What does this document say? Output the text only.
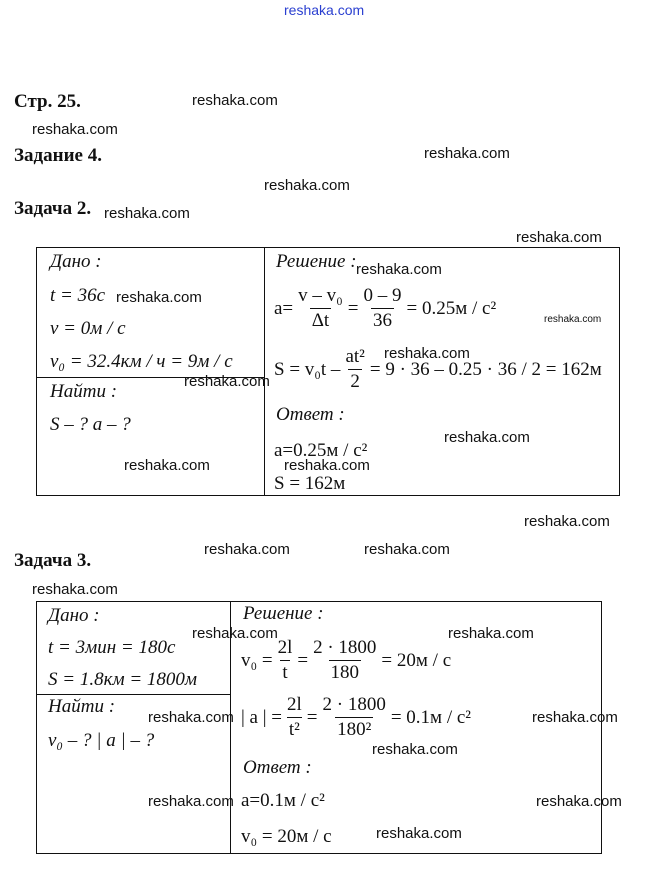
reshaka.com
Стр. 25.
Задание 4.
Задача 2.
Задача 3.
Дано :
t = 36с
v = 0м / с
v₀ = 32.4км / ч = 9м / с
Найти :
S – ? a – ?
Решение :
$a= \frac{\text{v – v₀}}{\Delta t} = \frac{0 - 9}{36} = 0.25м / с^2$
$S = v_0t - \frac{\text{at²}}{2} = 9 \cdot 36 - 0.25 \cdot 36 / 2 = 162м$
Ответ :
a=0.25м / с²
S = 162м
Дано :
t = 3мин = 180с
S = 1.8км = 1800м
Найти :
v₀ – ? | a | – ?
Решение :
$v_0 = \frac{2l}{t} = \frac{2 \cdot 1800}{180} = 20м / с$
| a | = $\frac{2l}{\text{t²}} = \frac{2 \cdot 1800}{\text{180²}} = 0.1м / с^2$
Ответ :
a=0.1м / с²
v₀ = 20м / с
reshaka.com
reshaka.com
reshaka.com
reshaka.com
reshaka.com
reshaka.com
reshaka.com
reshaka.com
reshaka.com
reshaka.com
reshaka.com
reshaka.com
reshaka.com	reshaka.com
reshaka.com
reshaka.com	reshaka.com
reshaka.com
reshaka.com	reshaka.com
reshaka.com	reshaka.com
reshaka.com
reshaka.com	reshaka.com
reshaka.com
